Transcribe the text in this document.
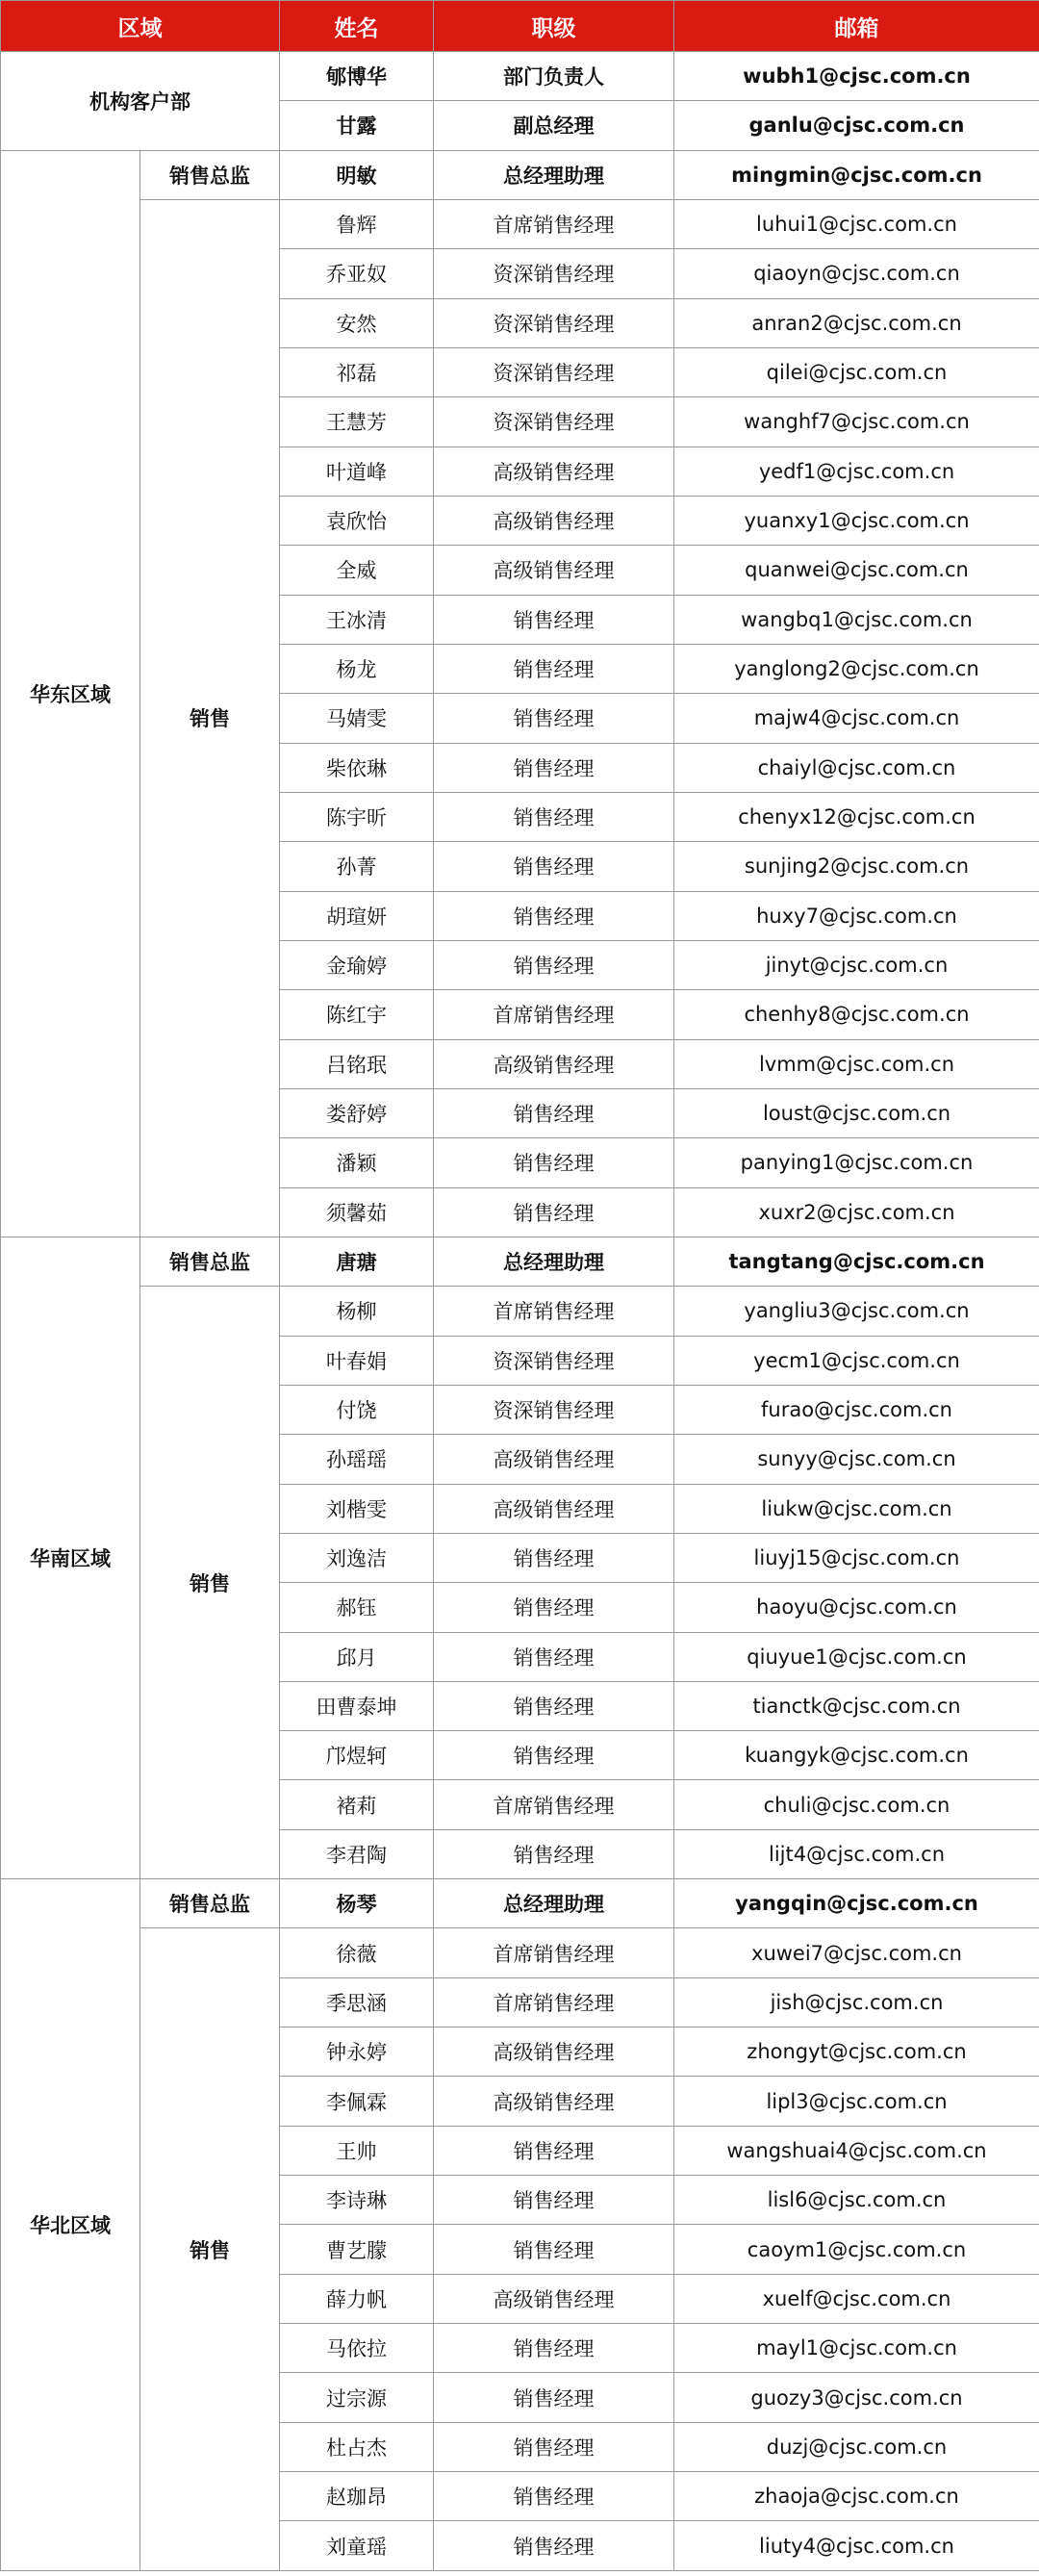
区域		姓名	职级	邮箱
机构客户部		郇博华	部门负责人	wubh1@cjsc.com.cn
		甘露	副总经理	ganlu@cjsc.com.cn
华东区域	销售总监	明敏	总经理助理	mingmin@cjsc.com.cn
	销售	鲁辉	首席销售经理	luhui1@cjsc.com.cn
		乔亚奴	资深销售经理	qiaoyn@cjsc.com.cn
		安然	资深销售经理	anran2@cjsc.com.cn
		祁磊	资深销售经理	qilei@cjsc.com.cn
		王慧芳	资深销售经理	wanghf7@cjsc.com.cn
		叶道峰	高级销售经理	yedf1@cjsc.com.cn
		袁欣怡	高级销售经理	yuanxy1@cjsc.com.cn
		全威	高级销售经理	quanwei@cjsc.com.cn
		王冰清	销售经理	wangbq1@cjsc.com.cn
		杨龙	销售经理	yanglong2@cjsc.com.cn
		马婧雯	销售经理	majw4@cjsc.com.cn
		柴依琳	销售经理	chaiyl@cjsc.com.cn
		陈宇昕	销售经理	chenyx12@cjsc.com.cn
		孙菁	销售经理	sunjing2@cjsc.com.cn
		胡瑄妍	销售经理	huxy7@cjsc.com.cn
		金瑜婷	销售经理	jinyt@cjsc.com.cn
		陈红宇	首席销售经理	chenhy8@cjsc.com.cn
		吕铭珉	高级销售经理	lvmm@cjsc.com.cn
		娄舒婷	销售经理	loust@cjsc.com.cn
		潘颖	销售经理	panying1@cjsc.com.cn
		须馨茹	销售经理	xuxr2@cjsc.com.cn
华南区域	销售总监	唐瑭	总经理助理	tangtang@cjsc.com.cn
	销售	杨柳	首席销售经理	yangliu3@cjsc.com.cn
		叶春娟	资深销售经理	yecm1@cjsc.com.cn
		付饶	资深销售经理	furao@cjsc.com.cn
		孙瑶瑶	高级销售经理	sunyy@cjsc.com.cn
		刘楷雯	高级销售经理	liukw@cjsc.com.cn
		刘逸洁	销售经理	liuyj15@cjsc.com.cn
		郝钰	销售经理	haoyu@cjsc.com.cn
		邱月	销售经理	qiuyue1@cjsc.com.cn
		田曹泰坤	销售经理	tianctk@cjsc.com.cn
		邝煜轲	销售经理	kuangyk@cjsc.com.cn
		褚莉	首席销售经理	chuli@cjsc.com.cn
		李君陶	销售经理	lijt4@cjsc.com.cn
华北区域	销售总监	杨琴	总经理助理	yangqin@cjsc.com.cn
	销售	徐薇	首席销售经理	xuwei7@cjsc.com.cn
		季思涵	首席销售经理	jish@cjsc.com.cn
		钟永婷	高级销售经理	zhongyt@cjsc.com.cn
		李佩霖	高级销售经理	lipl3@cjsc.com.cn
		王帅	销售经理	wangshuai4@cjsc.com.cn
		李诗琳	销售经理	lisl6@cjsc.com.cn
		曹艺朦	销售经理	caoym1@cjsc.com.cn
		薛力帆	高级销售经理	xuelf@cjsc.com.cn
		马依拉	销售经理	mayl1@cjsc.com.cn
		过宗源	销售经理	guozy3@cjsc.com.cn
		杜占杰	销售经理	duzj@cjsc.com.cn
		赵珈昂	销售经理	zhaoja@cjsc.com.cn
		刘童瑶	销售经理	liuty4@cjsc.com.cn
